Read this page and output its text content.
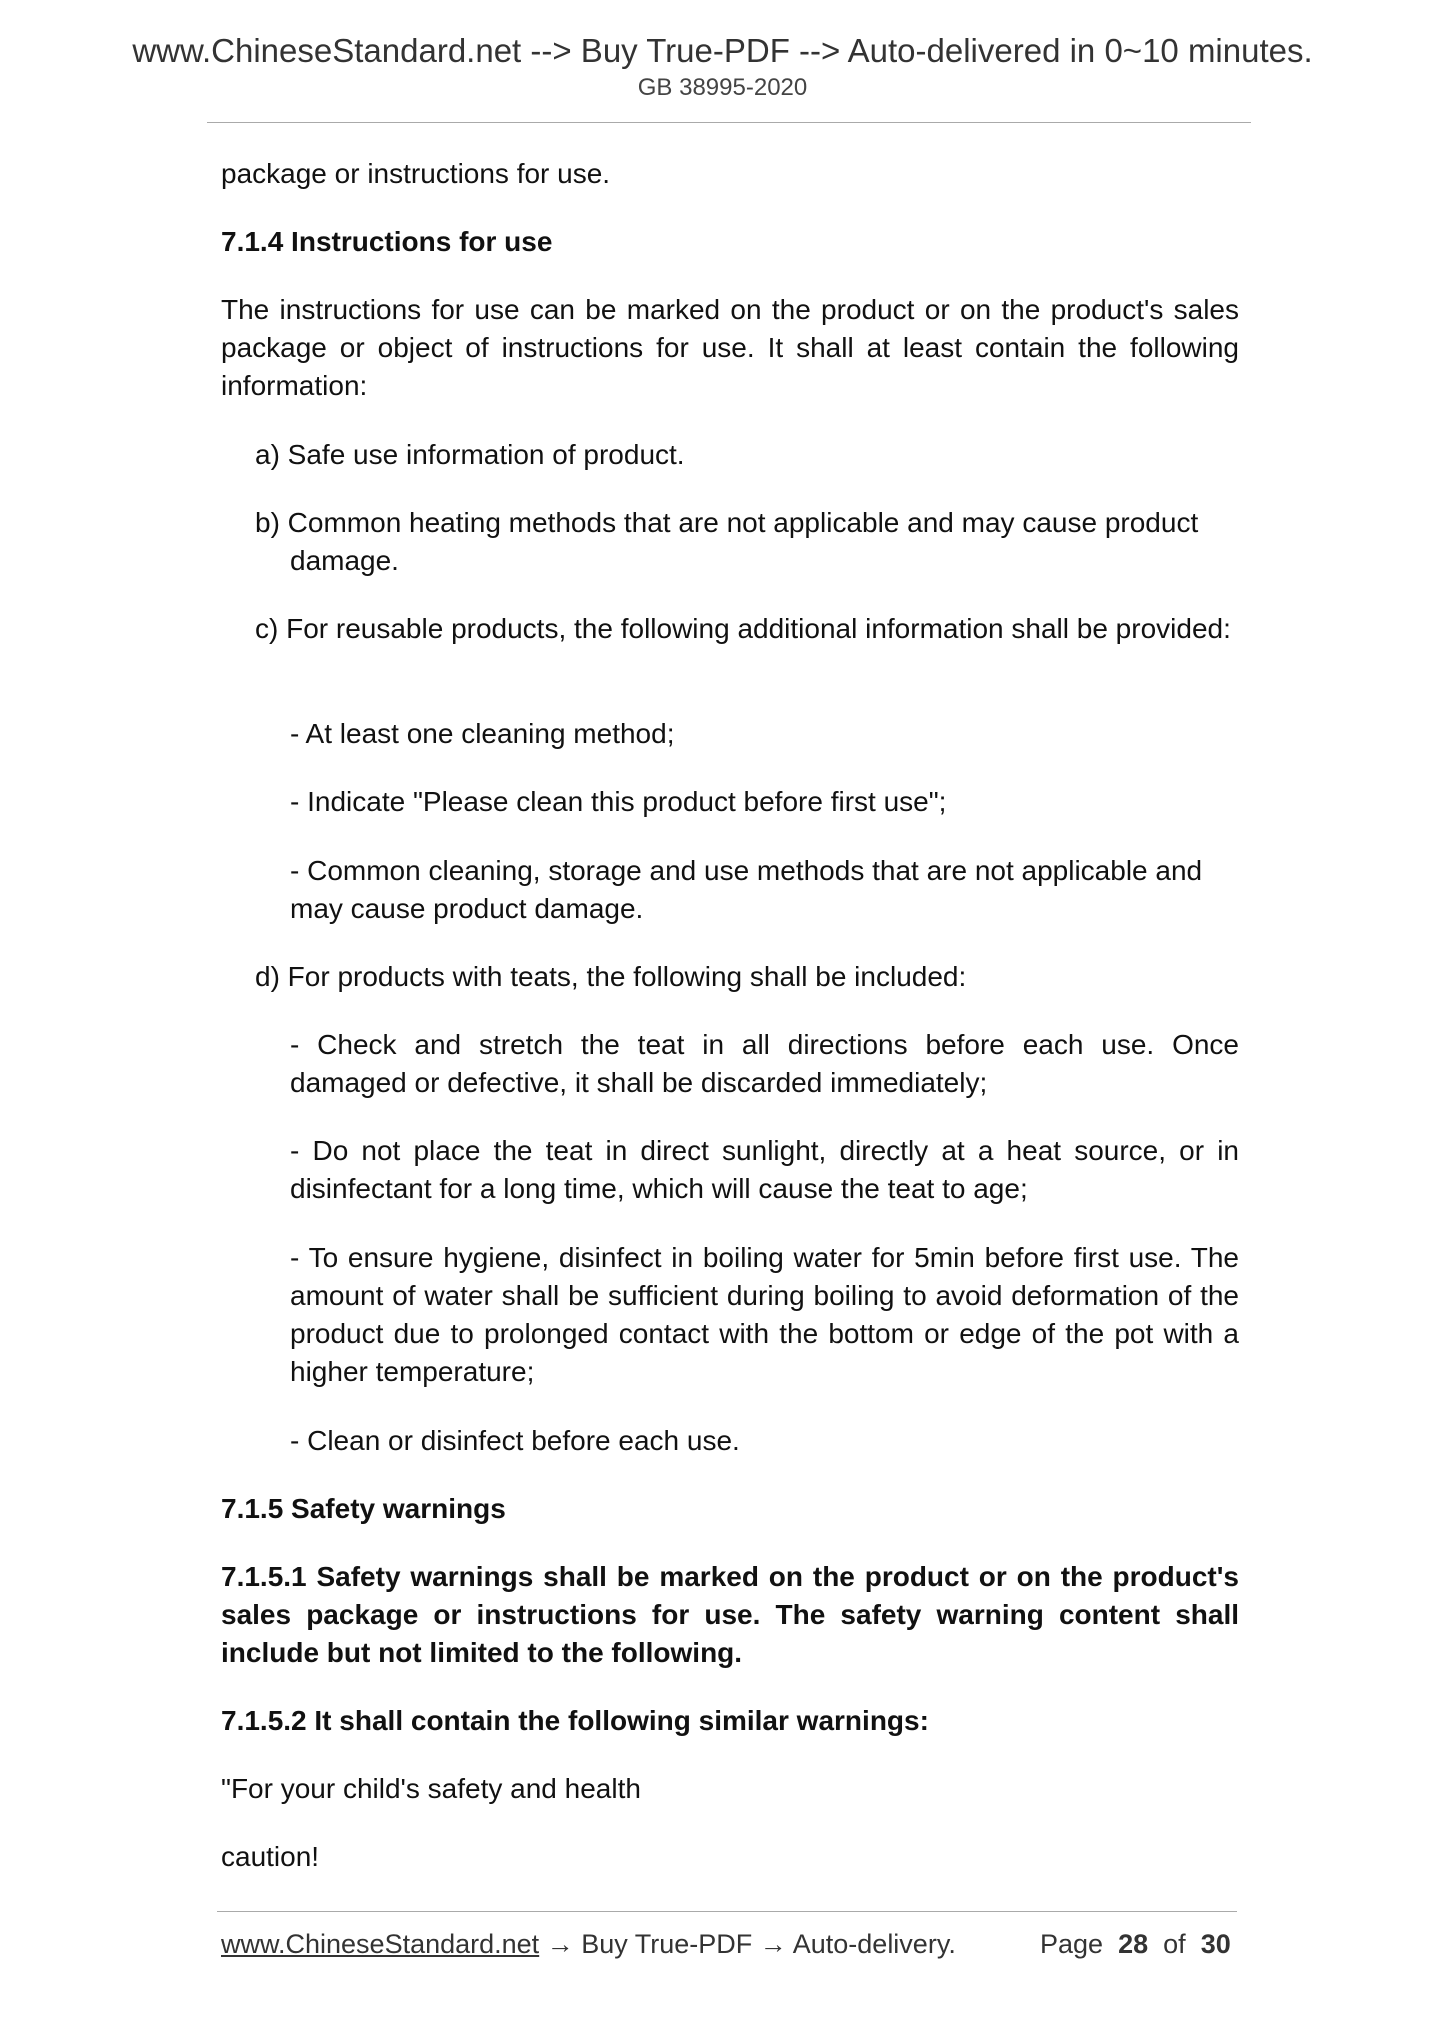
www.ChineseStandard.net --> Buy True-PDF --> Auto-delivered in 0~10 minutes.
GB 38995-2020
package or instructions for use.
7.1.4 Instructions for use
The instructions for use can be marked on the product or on the product's sales package or object of instructions for use. It shall at least contain the following information:
a) Safe use information of product.
b) Common heating methods that are not applicable and may cause product damage.
c) For reusable products, the following additional information shall be provided:
- At least one cleaning method;
- Indicate "Please clean this product before first use";
- Common cleaning, storage and use methods that are not applicable and may cause product damage.
d) For products with teats, the following shall be included:
- Check and stretch the teat in all directions before each use. Once damaged or defective, it shall be discarded immediately;
- Do not place the teat in direct sunlight, directly at a heat source, or in disinfectant for a long time, which will cause the teat to age;
- To ensure hygiene, disinfect in boiling water for 5min before first use. The amount of water shall be sufficient during boiling to avoid deformation of the product due to prolonged contact with the bottom or edge of the pot with a higher temperature;
- Clean or disinfect before each use.
7.1.5 Safety warnings
7.1.5.1 Safety warnings shall be marked on the product or on the product's sales package or instructions for use. The safety warning content shall include but not limited to the following.
7.1.5.2 It shall contain the following similar warnings:
"For your child's safety and health
caution!
www.ChineseStandard.net → Buy True-PDF → Auto-delivery.	Page 28 of 30
